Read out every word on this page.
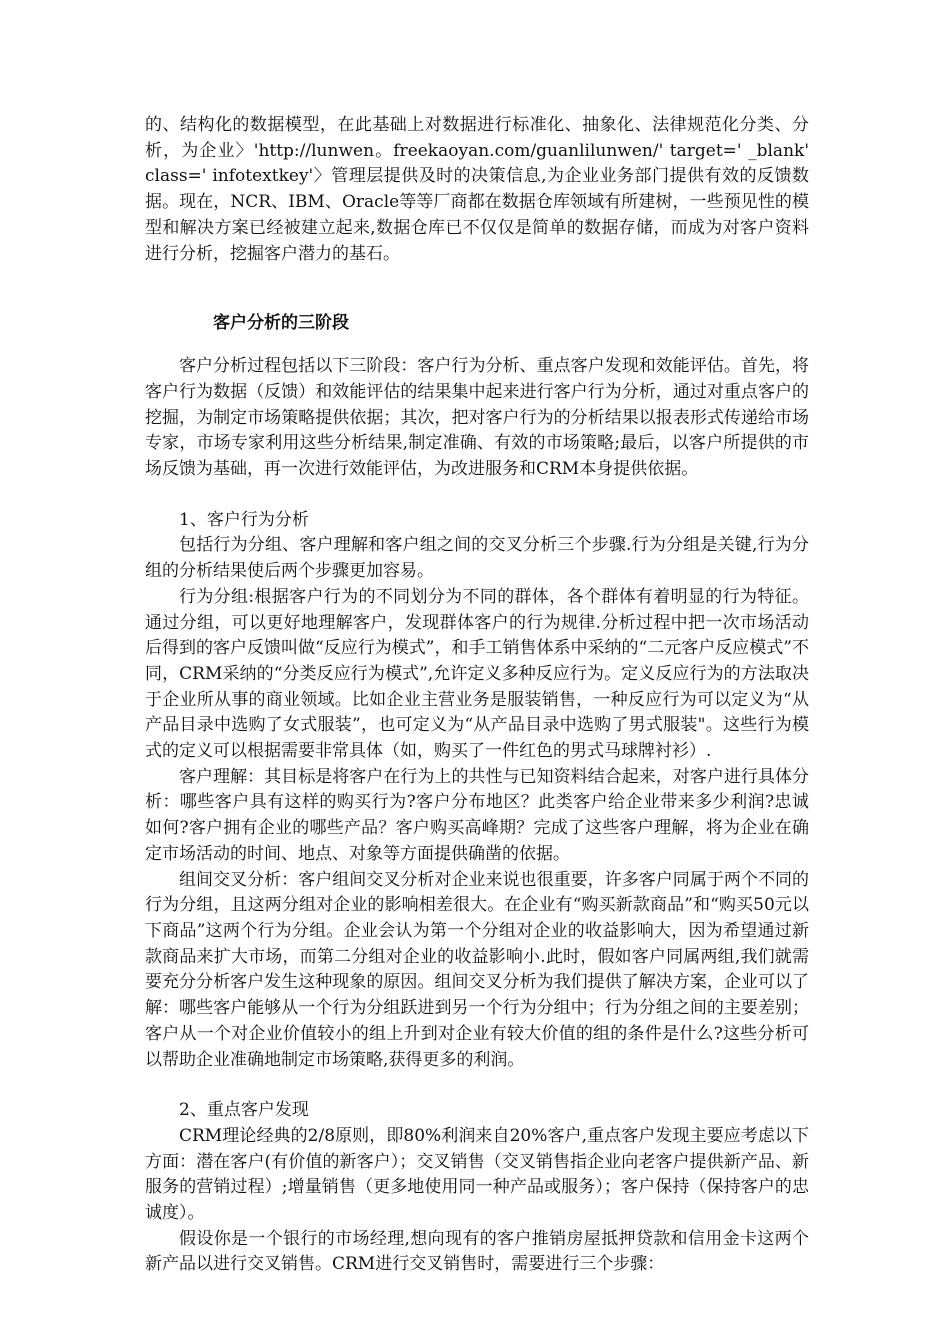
的、结构化的数据模型，在此基础上对数据进行标准化、抽象化、法律规范化分类、分析，为企业〉'http://lunwen。freekaoyan.com/guanlilunwen/' target=' _blank' class=' infotextkey'〉管理层提供及时的决策信息,为企业业务部门提供有效的反馈数据。现在，NCR、IBM、Oracle等等厂商都在数据仓库领域有所建树，一些预见性的模型和解决方案已经被建立起来,数据仓库已不仅仅是简单的数据存储，而成为对客户资料进行分析，挖掘客户潜力的基石。

客户分析的三阶段

客户分析过程包括以下三阶段：客户行为分析、重点客户发现和效能评估。首先，将客户行为数据（反馈）和效能评估的结果集中起来进行客户行为分析，通过对重点客户的挖掘，为制定市场策略提供依据；其次，把对客户行为的分析结果以报表形式传递给市场专家，市场专家利用这些分析结果,制定准确、有效的市场策略;最后，以客户所提供的市场反馈为基础，再一次进行效能评估，为改进服务和CRM本身提供依据。

1、客户行为分析

包括行为分组、客户理解和客户组之间的交叉分析三个步骤.行为分组是关键,行为分组的分析结果使后两个步骤更加容易。

行为分组:根据客户行为的不同划分为不同的群体，各个群体有着明显的行为特征。通过分组，可以更好地理解客户，发现群体客户的行为规律.分析过程中把一次市场活动后得到的客户反馈叫做“反应行为模式”，和手工销售体系中采纳的“二元客户反应模式”不同，CRM采纳的“分类反应行为模式”,允许定义多种反应行为。定义反应行为的方法取决于企业所从事的商业领域。比如企业主营业务是服装销售，一种反应行为可以定义为“从产品目录中选购了女式服装”，也可定义为“从产品目录中选购了男式服装"。这些行为模式的定义可以根据需要非常具体（如，购买了一件红色的男式马球牌衬衫）.

客户理解：其目标是将客户在行为上的共性与已知资料结合起来，对客户进行具体分析：哪些客户具有这样的购买行为?客户分布地区？此类客户给企业带来多少利润?忠诚如何?客户拥有企业的哪些产品？客户购买高峰期？完成了这些客户理解，将为企业在确定市场活动的时间、地点、对象等方面提供确凿的依据。

组间交叉分析：客户组间交叉分析对企业来说也很重要，许多客户同属于两个不同的行为分组，且这两分组对企业的影响相差很大。在企业有“购买新款商品”和“购买50元以下商品”这两个行为分组。企业会认为第一个分组对企业的收益影响大，因为希望通过新款商品来扩大市场，而第二分组对企业的收益影响小.此时，假如客户同属两组,我们就需要充分分析客户发生这种现象的原因。组间交叉分析为我们提供了解决方案，企业可以了解：哪些客户能够从一个行为分组跃进到另一个行为分组中；行为分组之间的主要差别；客户从一个对企业价值较小的组上升到对企业有较大价值的组的条件是什么?这些分析可以帮助企业准确地制定市场策略,获得更多的利润。

2、重点客户发现

CRM理论经典的2/8原则，即80%利润来自20%客户,重点客户发现主要应考虑以下方面：潜在客户(有价值的新客户）；交叉销售（交叉销售指企业向老客户提供新产品、新服务的营销过程）;增量销售（更多地使用同一种产品或服务）；客户保持（保持客户的忠诚度）。

假设你是一个银行的市场经理,想向现有的客户推销房屋抵押贷款和信用金卡这两个新产品以进行交叉销售。CRM进行交叉销售时，需要进行三个步骤：
